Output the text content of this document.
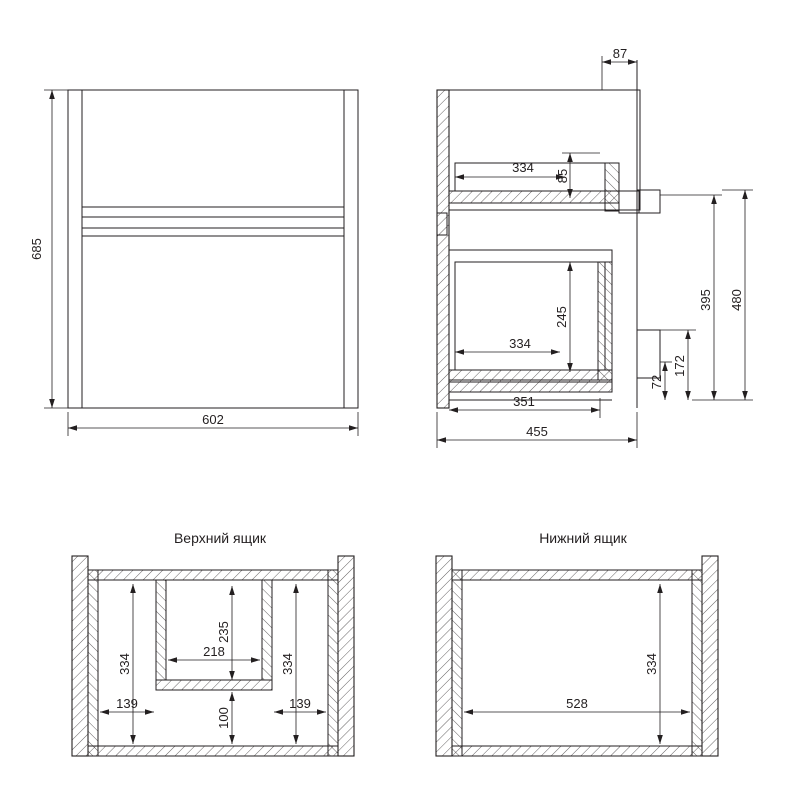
685
602
87
334
85
334
245
351
455
72
172
395 480
Верхний ящик
334
139
235
218
100
334
139
Нижний ящик
334
528
